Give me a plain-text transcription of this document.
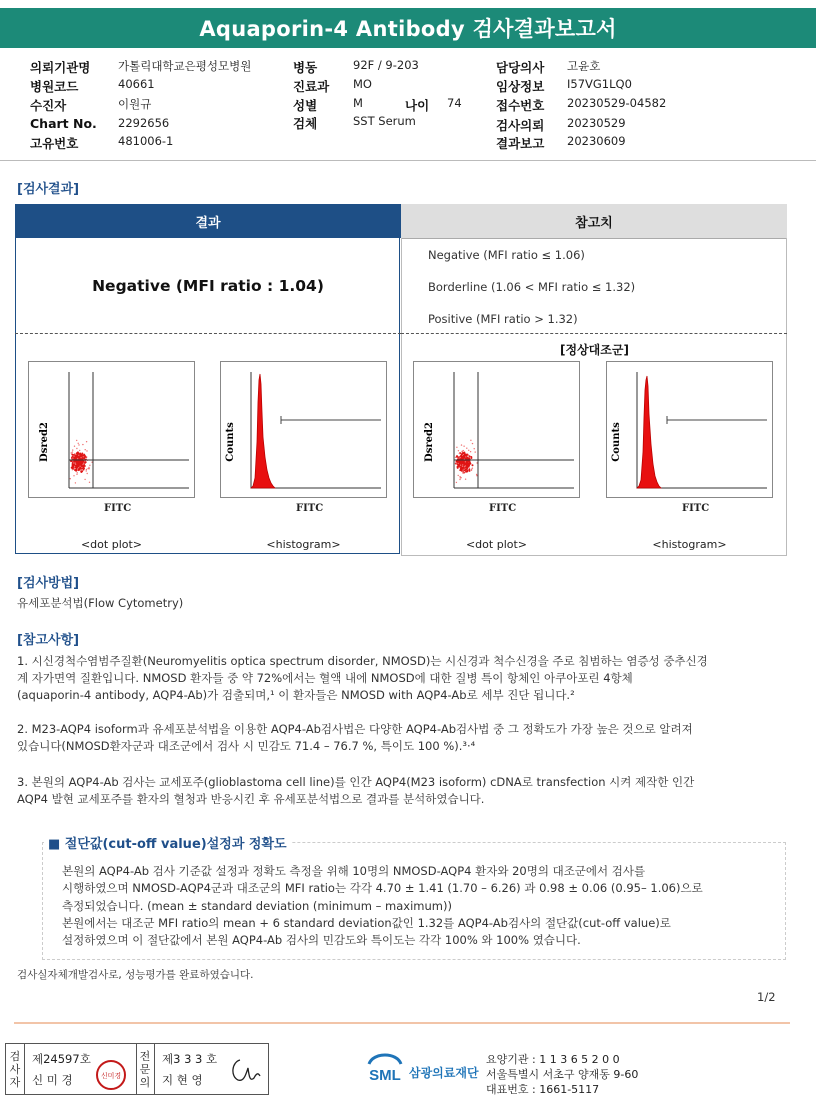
Aquaporin-4 Antibody 검사결과보고서
의뢰기관명 가톨릭대학교은평성모병원
병원코드	40661
수진자	이원규
Chart No. 2292656
고유번호	481006-1
병동	92F / 9-203
진료과 MO
성별	M	나이 74
검체	SST Serum
담당의사 고윤호
임상정보 I57VG1LQ0
접수번호 20230529-04582
검사의뢰 20230529
결과보고 20230609
[검사결과]
참고치
결과
Negative (MFI ratio : 1.04)
Negative (MFI ratio ≤ 1.06)
Borderline (1.06 < MFI ratio ≤ 1.32)
Positive (MFI ratio > 1.32)
[정상대조군]
Dsred2
FITC
<dot plot>
Counts
FITC
<histogram>
Dsred2
FITC
<dot plot>
Counts
FITC
<histogram>
[검사방법]
유세포분석법(Flow Cytometry)
[참고사항]
1. 시신경척수염범주질환(Neuromyelitis optica spectrum disorder, NMOSD)는 시신경과 척수신경을 주로 침범하는 염증성 중추신경
계 자가면역 질환입니다. NMOSD 환자들 중 약 72%에서는 혈액 내에 NMOSD에 대한 질병 특이 항체인 아쿠아포린 4항체
(aquaporin-4 antibody, AQP4-Ab)가 검출되며,¹ 이 환자들은 NMOSD with AQP4-Ab로 세부 진단 됩니다.²
2. M23-AQP4 isoform과 유세포분석법을 이용한 AQP4-Ab검사법은 다양한 AQP4-Ab검사법 중 그 정확도가 가장 높은 것으로 알려져
있습니다(NMOSD환자군과 대조군에서 검사 시 민감도 71.4 – 76.7 %, 특이도 100 %).³·⁴
3. 본원의 AQP4-Ab 검사는 교세포주(glioblastoma cell line)를 인간 AQP4(M23 isoform) cDNA로 transfection 시켜 제작한 인간
AQP4 발현 교세포주를 환자의 혈청과 반응시킨 후 유세포분석법으로 결과를 분석하였습니다.
■ 절단값(cut-off value)설정과 정확도
본원의 AQP4-Ab 검사 기준값 설정과 정확도 측정을 위해 10명의 NMOSD-AQP4 환자와 20명의 대조군에서 검사를
시행하였으며 NMOSD-AQP4군과 대조군의 MFI ratio는 각각 4.70 ± 1.41 (1.70 – 6.26) 과 0.98 ± 0.06 (0.95– 1.06)으로
측정되었습니다. (mean ± standard deviation (minimum – maximum))
본원에서는 대조군 MFI ratio의 mean + 6 standard deviation값인 1.32를 AQP4-Ab검사의 절단값(cut-off value)로
설정하였으며 이 절단값에서 본원 AQP4-Ab 검사의 민감도와 특이도는 각각 100% 와 100% 였습니다.
검사실자체개발검사로, 성능평가를 완료하였습니다.
1/2
검사자
제24597호
신 미 경	신미경
전문의
제3 3 3 호
지 현 영	SML 삼광의료재단
요양기관 : 1 1 3 6 5 2 0 0
서울특별시 서초구 양재동 9-60
대표번호 : 1661-5117
